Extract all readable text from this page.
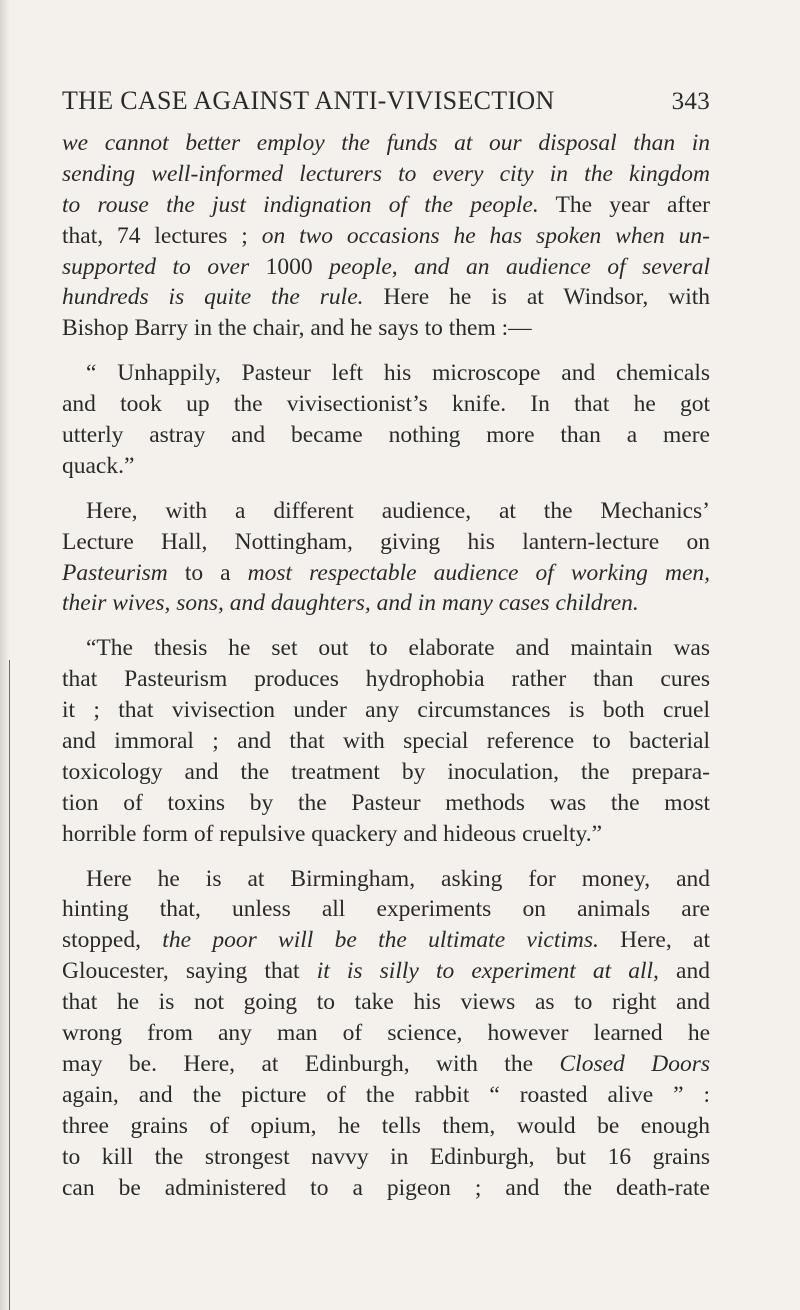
THE CASE AGAINST ANTI-VIVISECTION	343
we cannot better employ the funds at our disposal than in
sending well-informed lecturers to every city in the kingdom
to rouse the just indignation of the people. The year after
that, 74 lectures ; on two occasions he has spoken when un-
supported to over 1000 people, and an audience of several
hundreds is quite the rule. Here he is at Windsor, with
Bishop Barry in the chair, and he says to them :—
“ Unhappily, Pasteur left his microscope and chemicals
and took up the vivisectionist’s knife. In that he got
utterly astray and became nothing more than a mere
quack.”
Here, with a different audience, at the Mechanics’
Lecture Hall, Nottingham, giving his lantern-lecture on
Pasteurism to a most respectable audience of working men,
their wives, sons, and daughters, and in many cases children.
“The thesis he set out to elaborate and maintain was
that Pasteurism produces hydrophobia rather than cures
it ; that vivisection under any circumstances is both cruel
and immoral ; and that with special reference to bacterial
toxicology and the treatment by inoculation, the prepara-
tion of toxins by the Pasteur methods was the most
horrible form of repulsive quackery and hideous cruelty.”
Here he is at Birmingham, asking for money, and
hinting that, unless all experiments on animals are
stopped, the poor will be the ultimate victims. Here, at
Gloucester, saying that it is silly to experiment at all, and
that he is not going to take his views as to right and
wrong from any man of science, however learned he
may be. Here, at Edinburgh, with the Closed Doors
again, and the picture of the rabbit “ roasted alive ” :
three grains of opium, he tells them, would be enough
to kill the strongest navvy in Edinburgh, but 16 grains
can be administered to a pigeon ; and the death-rate
